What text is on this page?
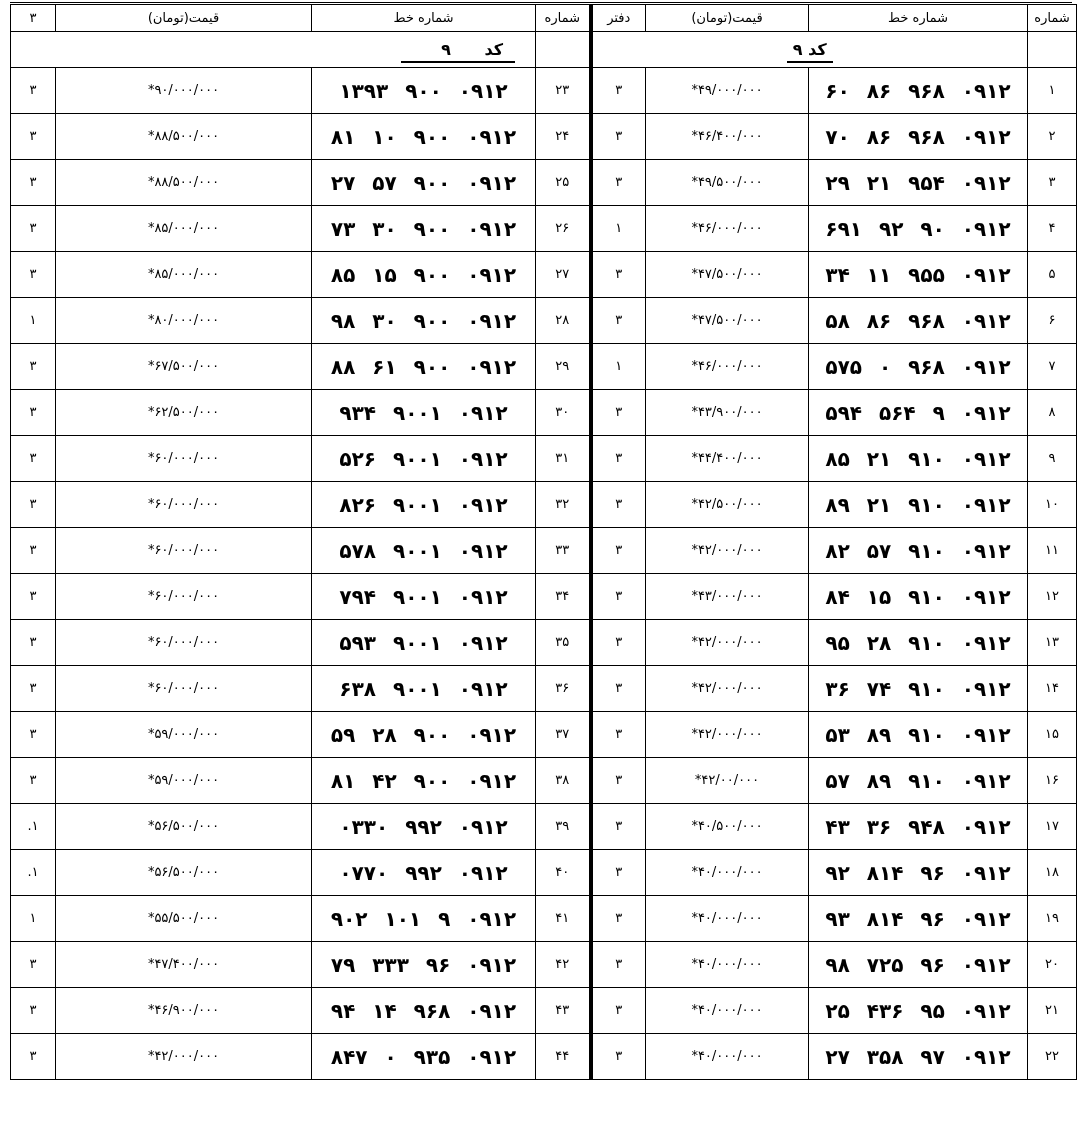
شماره	شماره خط	قیمت(تومان)	دفتر	شماره	شماره خط	قیمت(تومان)	۳
	کد ۹				کد ۹		
۱	۰۹۱۲ ۹۶۸ ۸۶ ۶۰	۴۹/۰۰۰/۰۰۰*	۳	۲۳	۰۹۱۲ ۹۰۰ ۱۳۹۳	۹۰/۰۰۰/۰۰۰*	۳
۲	۰۹۱۲ ۹۶۸ ۸۶ ۷۰	۴۶/۴۰۰/۰۰۰*	۳	۲۴	۰۹۱۲ ۹۰۰ ۱۰ ۸۱	۸۸/۵۰۰/۰۰۰*	۳
۳	۰۹۱۲ ۹۵۴ ۲۱ ۲۹	۴۹/۵۰۰/۰۰۰*	۳	۲۵	۰۹۱۲ ۹۰۰ ۵۷ ۲۷	۸۸/۵۰۰/۰۰۰*	۳
۴	۰۹۱۲ ۹۰ ۹۲ ۶۹۱	۴۶/۰۰۰/۰۰۰*	۱	۲۶	۰۹۱۲ ۹۰۰ ۳۰ ۷۳	۸۵/۰۰۰/۰۰۰*	۳
۵	۰۹۱۲ ۹۵۵ ۱۱ ۳۴	۴۷/۵۰۰/۰۰۰*	۳	۲۷	۰۹۱۲ ۹۰۰ ۱۵ ۸۵	۸۵/۰۰۰/۰۰۰*	۳
۶	۰۹۱۲ ۹۶۸ ۸۶ ۵۸	۴۷/۵۰۰/۰۰۰*	۳	۲۸	۰۹۱۲ ۹۰۰ ۳۰ ۹۸	۸۰/۰۰۰/۰۰۰*	۱
۷	۰۹۱۲ ۹۶۸ ۰ ۵۷۵	۴۶/۰۰۰/۰۰۰*	۱	۲۹	۰۹۱۲ ۹۰۰ ۶۱ ۸۸	۶۷/۵۰۰/۰۰۰*	۳
۸	۰۹۱۲ ۹ ۵۶۴ ۵۹۴	۴۳/۹۰۰/۰۰۰*	۳	۳۰	۰۹۱۲ ۹۰۰۱ ۹۳۴	۶۲/۵۰۰/۰۰۰*	۳
۹	۰۹۱۲ ۹۱۰ ۲۱ ۸۵	۴۴/۴۰۰/۰۰۰*	۳	۳۱	۰۹۱۲ ۹۰۰۱ ۵۲۶	۶۰/۰۰۰/۰۰۰*	۳
۱۰	۰۹۱۲ ۹۱۰ ۲۱ ۸۹	۴۲/۵۰۰/۰۰۰*	۳	۳۲	۰۹۱۲ ۹۰۰۱ ۸۲۶	۶۰/۰۰۰/۰۰۰*	۳
۱۱	۰۹۱۲ ۹۱۰ ۵۷ ۸۲	۴۲/۰۰۰/۰۰۰*	۳	۳۳	۰۹۱۲ ۹۰۰۱ ۵۷۸	۶۰/۰۰۰/۰۰۰*	۳
۱۲	۰۹۱۲ ۹۱۰ ۱۵ ۸۴	۴۳/۰۰۰/۰۰۰*	۳	۳۴	۰۹۱۲ ۹۰۰۱ ۷۹۴	۶۰/۰۰۰/۰۰۰*	۳
۱۳	۰۹۱۲ ۹۱۰ ۲۸ ۹۵	۴۲/۰۰۰/۰۰۰*	۳	۳۵	۰۹۱۲ ۹۰۰۱ ۵۹۳	۶۰/۰۰۰/۰۰۰*	۳
۱۴	۰۹۱۲ ۹۱۰ ۷۴ ۳۶	۴۲/۰۰۰/۰۰۰*	۳	۳۶	۰۹۱۲ ۹۰۰۱ ۶۳۸	۶۰/۰۰۰/۰۰۰*	۳
۱۵	۰۹۱۲ ۹۱۰ ۸۹ ۵۳	۴۲/۰۰۰/۰۰۰*	۳	۳۷	۰۹۱۲ ۹۰۰ ۲۸ ۵۹	۵۹/۰۰۰/۰۰۰*	۳
۱۶	۰۹۱۲ ۹۱۰ ۸۹ ۵۷	۴۲/۰۰/۰۰۰*	۳	۳۸	۰۹۱۲ ۹۰۰ ۴۲ ۸۱	۵۹/۰۰۰/۰۰۰*	۳
۱۷	۰۹۱۲ ۹۴۸ ۳۶ ۴۳	۴۰/۵۰۰/۰۰۰*	۳	۳۹	۰۹۱۲ ۹۹۲ ۰۳۳۰	۵۶/۵۰۰/۰۰۰*	۱.
۱۸	۰۹۱۲ ۹۶ ۸۱۴ ۹۲	۴۰/۰۰۰/۰۰۰*	۳	۴۰	۰۹۱۲ ۹۹۲ ۰۷۷۰	۵۶/۵۰۰/۰۰۰*	۱.
۱۹	۰۹۱۲ ۹۶ ۸۱۴ ۹۳	۴۰/۰۰۰/۰۰۰*	۳	۴۱	۰۹۱۲ ۹ ۱۰۱ ۹۰۲	۵۵/۵۰۰/۰۰۰*	۱
۲۰	۰۹۱۲ ۹۶ ۷۲۵ ۹۸	۴۰/۰۰۰/۰۰۰*	۳	۴۲	۰۹۱۲ ۹۶ ۳۳۳ ۷۹	۴۷/۴۰۰/۰۰۰*	۳
۲۱	۰۹۱۲ ۹۵ ۴۳۶ ۲۵	۴۰/۰۰۰/۰۰۰*	۳	۴۳	۰۹۱۲ ۹۶۸ ۱۴ ۹۴	۴۶/۹۰۰/۰۰۰*	۳
۲۲	۰۹۱۲ ۹۷ ۳۵۸ ۲۷	۴۰/۰۰۰/۰۰۰*	۳	۴۴	۰۹۱۲ ۹۳۵ ۰ ۸۴۷	۴۲/۰۰۰/۰۰۰*	۳
